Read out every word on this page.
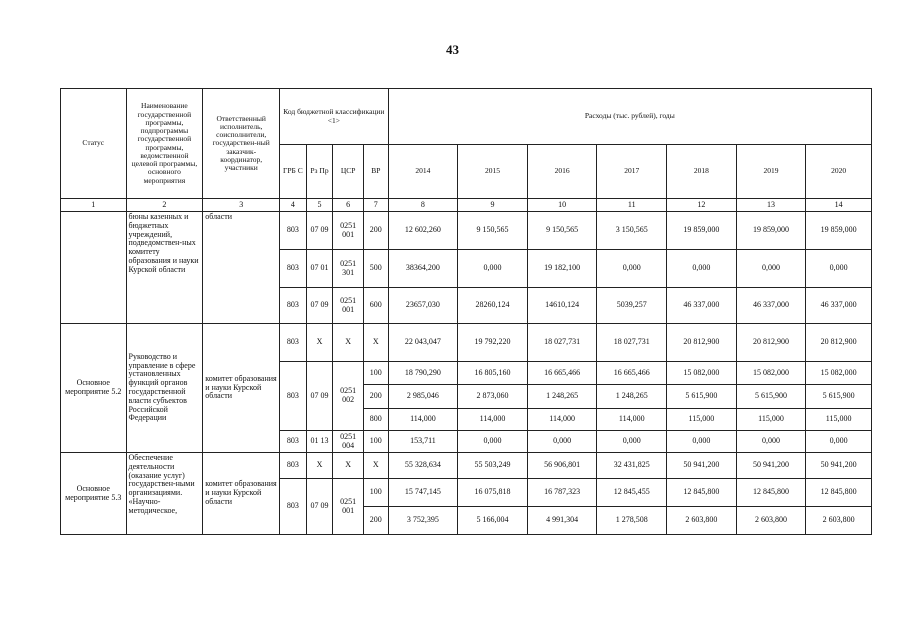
43
Статус	Наименование государственной программы, подпрограммы государственной программы, ведомственной целевой программы, основного мероприятия	Ответственный исполнитель, соисполнители, государствен-ный заказчик-координатор, участники	Код бюджетной классификации <1>				Расходы (тыс. рублей), годы						
			ГРБ С	Рз Пр	ЦСР	ВР	2014	2015	2016	2017	2018	2019	2020
1	2	3	4	5	6	7	8	9	10	11	12	13	14
	бюны казенных и бюджетных учреждений, подведомствен-ных комитету образования и науки Курской области	области	803	07 09	0251 001	200	12 602,260	9 150,565	9 150,565	3 150,565	19 859,000	19 859,000	19 859,000
			803	07 01	0251 301	500	38364,200	0,000	19 182,100	0,000	0,000	0,000	0,000
			803	07 09	0251 001	600	23657,030	28260,124	14610,124	5039,257	46 337,000	46 337,000	46 337,000
Основное мероприятие 5.2	Руководство и управление в сфере установленных функций органов государственной власти субъектов Российской Федерации	комитет образования и науки Курской области	803	X	X	X	22 043,047	19 792,220	18 027,731	18 027,731	20 812,900	20 812,900	20 812,900
			803	07 09	0251 002	100	18 790,290	16 805,160	16 665,466	16 665,466	15 082,000	15 082,000	15 082,000
						200	2 985,046	2 873,060	1 248,265	1 248,265	5 615,900	5 615,900	5 615,900
						800	114,000	114,000	114,000	114,000	115,000	115,000	115,000
			803	01 13	0251 004	100	153,711	0,000	0,000	0,000	0,000	0,000	0,000
Основное мероприятие 5.3	Обеспечение деятельности (оказание услуг) государствен-ными организациями. «Научно-методическое,	комитет образования и науки Курской области	803	X	X	X	55 328,634	55 503,249	56 906,801	32 431,825	50 941,200	50 941,200	50 941,200
			803	07 09	0251 001	100	15 747,145	16 075,818	16 787,323	12 845,455	12 845,800	12 845,800	12 845,800
						200	3 752,395	5 166,004	4 991,304	1 278,508	2 603,800	2 603,800	2 603,800
